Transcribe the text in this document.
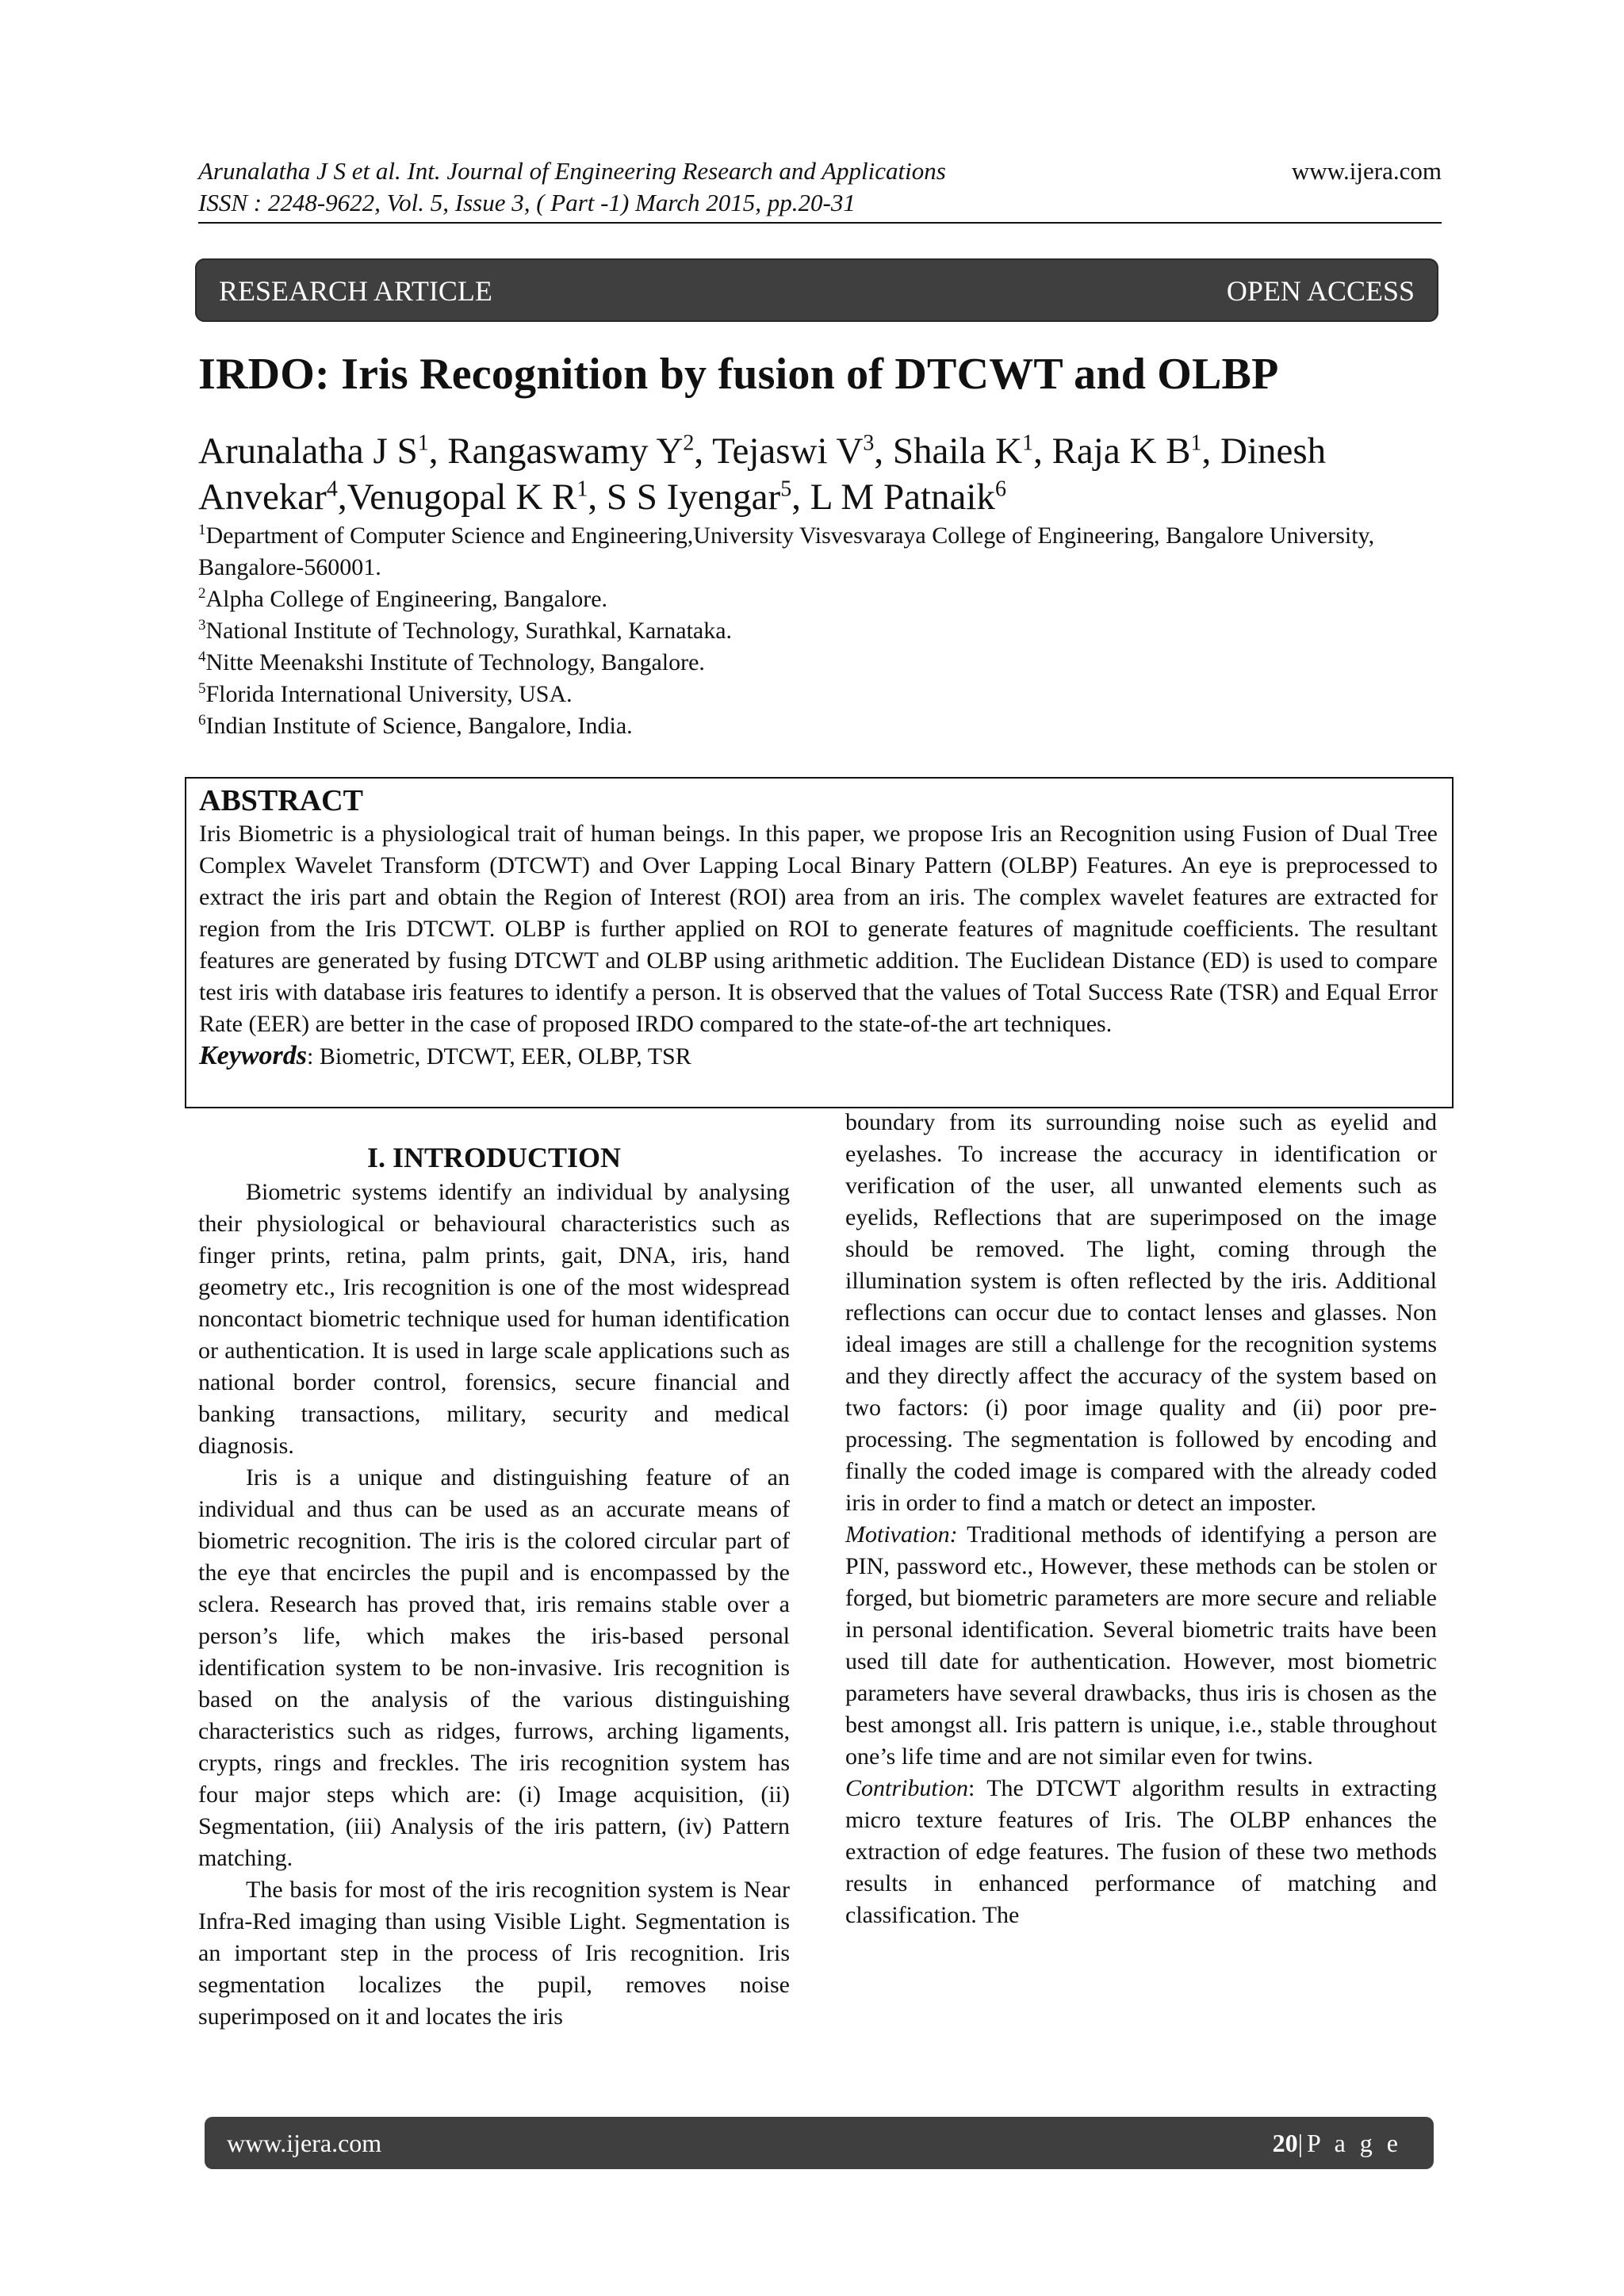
Arunalatha J S et al. Int. Journal of Engineering Research and Applications
ISSN : 2248-9622, Vol. 5, Issue 3, ( Part -1) March 2015, pp.20-31
www.ijera.com
RESEARCH ARTICLE	OPEN ACCESS
IRDO: Iris Recognition by fusion of DTCWT and OLBP
Arunalatha J $S^1$, Rangaswamy $Y^2$, Tejaswi $V^3$, Shaila $K^1$, Raja K $B^1$, Dinesh Anvekar$^4$,Venugopal K $R^1$, S S Iyengar$^5$, L M Patnaik$^6$
$^1$Department of Computer Science and Engineering,University Visvesvaraya College of Engineering, Bangalore University, Bangalore-560001.
$^2$Alpha College of Engineering, Bangalore.
$^3$National Institute of Technology, Surathkal, Karnataka.
$^4$Nitte Meenakshi Institute of Technology, Bangalore.
$^5$Florida International University, USA.
$^6$Indian Institute of Science, Bangalore, India.
ABSTRACT
Iris Biometric is a physiological trait of human beings. In this paper, we propose Iris an Recognition using Fusion of Dual Tree Complex Wavelet Transform (DTCWT) and Over Lapping Local Binary Pattern (OLBP) Features. An eye is preprocessed to extract the iris part and obtain the Region of Interest (ROI) area from an iris. The complex wavelet features are extracted for region from the Iris DTCWT. OLBP is further applied on ROI to generate features of magnitude coefficients. The resultant features are generated by fusing DTCWT and OLBP using arithmetic addition. The Euclidean Distance (ED) is used to compare test iris with database iris features to identify a person. It is observed that the values of Total Success Rate (TSR) and Equal Error Rate (EER) are better in the case of proposed IRDO compared to the state-of-the art techniques.
Keywords: Biometric, DTCWT, EER, OLBP, TSR
I. INTRODUCTION

Biometric systems identify an individual by analysing their physiological or behavioural characteristics such as finger prints, retina, palm prints, gait, DNA, iris, hand geometry etc., Iris recognition is one of the most widespread noncontact biometric technique used for human identification or authentication. It is used in large scale applications such as national border control, forensics, secure financial and banking transactions, military, security and medical diagnosis.

Iris is a unique and distinguishing feature of an individual and thus can be used as an accurate means of biometric recognition. The iris is the colored circular part of the eye that encircles the pupil and is encompassed by the sclera. Research has proved that, iris remains stable over a person’s life, which makes the iris-based personal identification system to be non-invasive. Iris recognition is based on the analysis of the various distinguishing characteristics such as ridges, furrows, arching ligaments, crypts, rings and freckles. The iris recognition system has four major steps which are: (i) Image acquisition, (ii) Segmentation, (iii) Analysis of the iris pattern, (iv) Pattern matching.

The basis for most of the iris recognition system is Near Infra-Red imaging than using Visible Light. Segmentation is an important step in the process of Iris recognition. Iris segmentation localizes the pupil, removes noise superimposed on it and locates the iris

boundary from its surrounding noise such as eyelid and eyelashes. To increase the accuracy in identification or verification of the user, all unwanted elements such as eyelids, Reflections that are superimposed on the image should be removed. The light, coming through the illumination system is often reflected by the iris. Additional reflections can occur due to contact lenses and glasses. Non ideal images are still a challenge for the recognition systems and they directly affect the accuracy of the system based on two factors: (i) poor image quality and (ii) poor pre-processing. The segmentation is followed by encoding and finally the coded image is compared with the already coded iris in order to find a match or detect an imposter.

Motivation: Traditional methods of identifying a person are PIN, password etc., However, these methods can be stolen or forged, but biometric parameters are more secure and reliable in personal identification. Several biometric traits have been used till date for authentication. However, most biometric parameters have several drawbacks, thus iris is chosen as the best amongst all. Iris pattern is unique, i.e., stable throughout one’s life time and are not similar even for twins.

Contribution: The DTCWT algorithm results in extracting micro texture features of Iris. The OLBP enhances the extraction of edge features. The fusion of these two methods results in enhanced performance of matching and classification. The

www.ijera.com	20|P a g e
